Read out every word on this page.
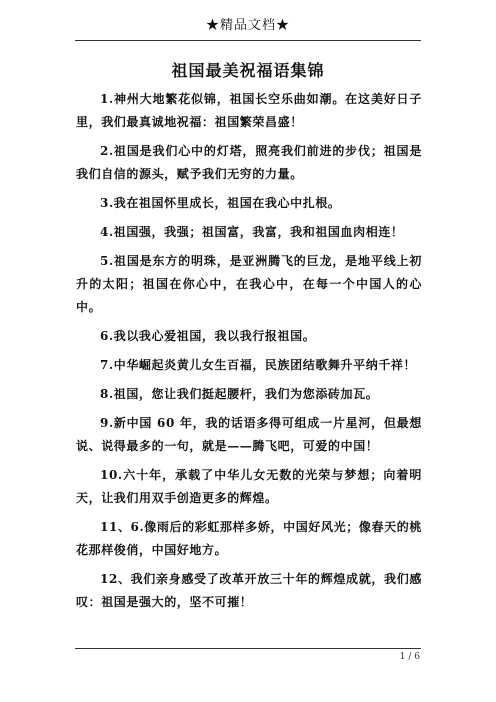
★精品文档★
祖国最美祝福语集锦

1.神州大地繁花似锦，祖国长空乐曲如潮。在这美好日子里，我们最真诚地祝福：祖国繁荣昌盛！

2.祖国是我们心中的灯塔，照亮我们前进的步伐；祖国是我们自信的源头，赋予我们无穷的力量。

3.我在祖国怀里成长，祖国在我心中扎根。

4.祖国强，我强；祖国富，我富，我和祖国血肉相连！

5.祖国是东方的明珠，是亚洲腾飞的巨龙，是地平线上初升的太阳；祖国在你心中，在我心中，在每一个中国人的心中。

6.我以我心爱祖国，我以我行报祖国。

7.中华崛起炎黄儿女生百福，民族团结歌舞升平纳千祥！

8.祖国，您让我们挺起腰杆，我们为您添砖加瓦。

9.新中国 60 年，我的话语多得可组成一片星河，但最想说、说得最多的一句，就是——腾飞吧，可爱的中国！

10.六十年，承载了中华儿女无数的光荣与梦想；向着明天，让我们用双手创造更多的辉煌。

11、6.像雨后的彩虹那样多娇，中国好风光；像春天的桃花那样俊俏，中国好地方。

12、我们亲身感受了改革开放三十年的辉煌成就，我们感叹：祖国是强大的，坚不可摧！

1 / 6
